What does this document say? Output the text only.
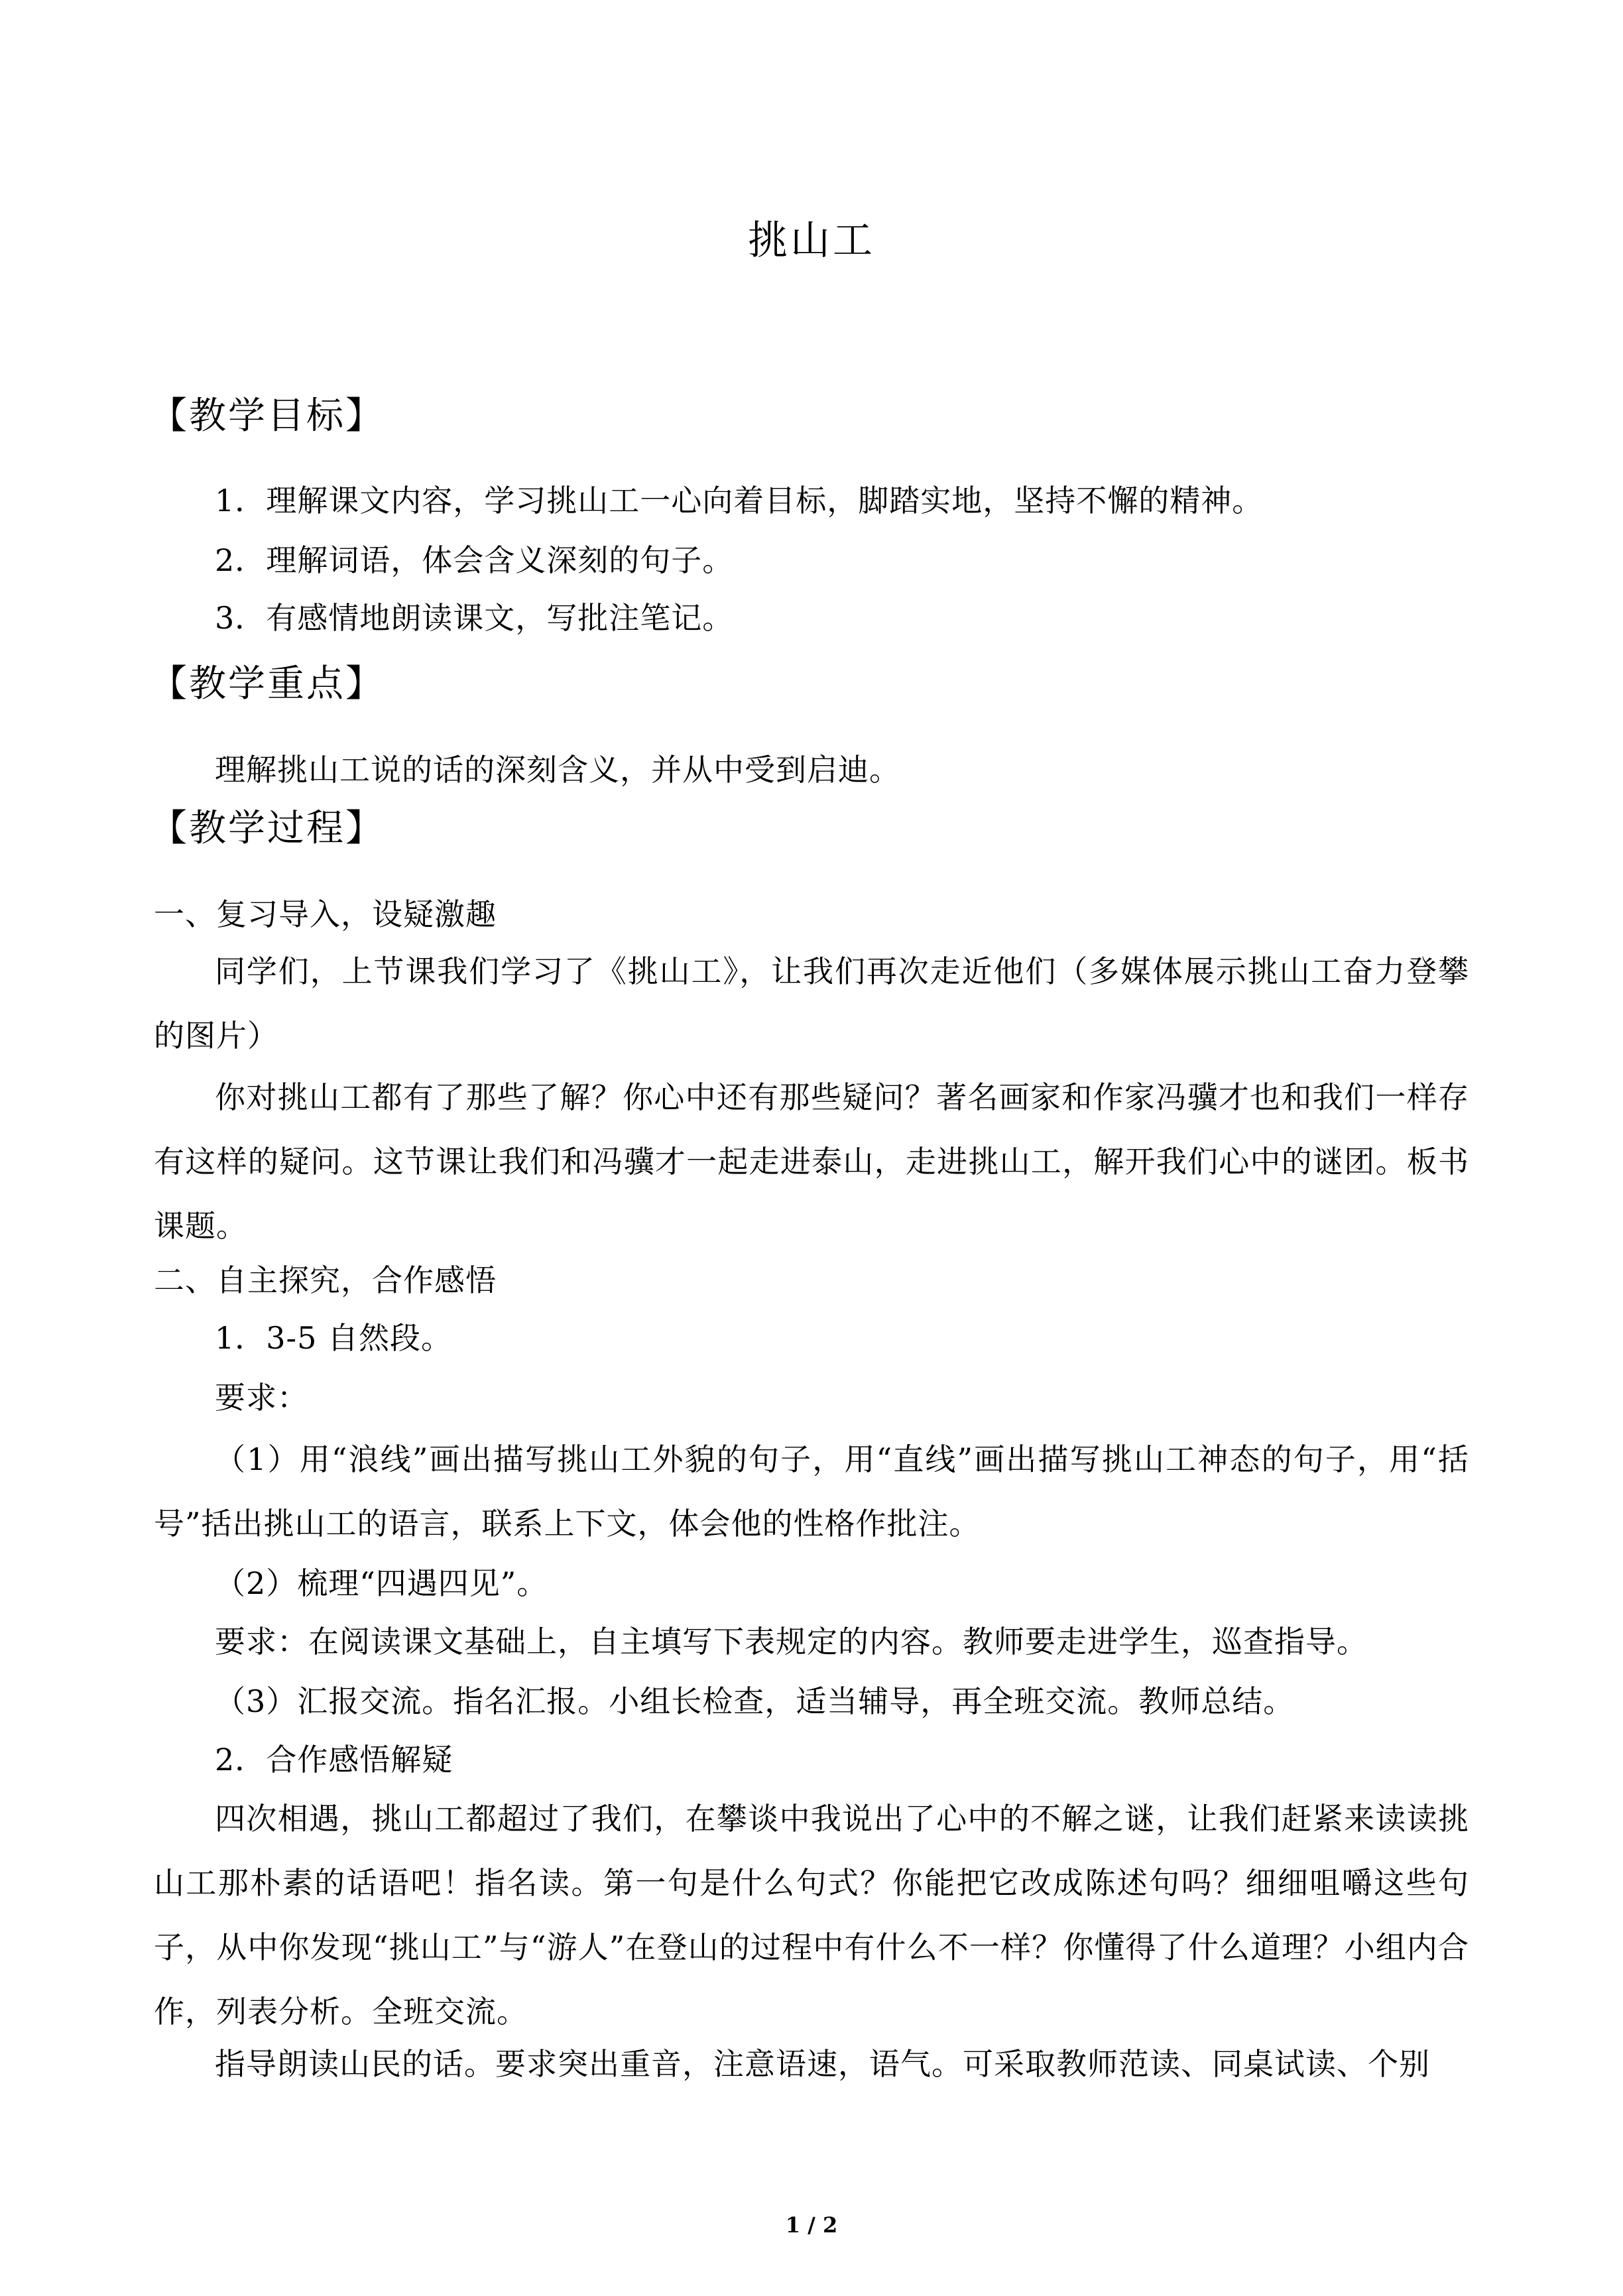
挑山工
【教学目标】
1．理解课文内容，学习挑山工一心向着目标，脚踏实地，坚持不懈的精神。
2．理解词语，体会含义深刻的句子。
3．有感情地朗读课文，写批注笔记。
【教学重点】
理解挑山工说的话的深刻含义，并从中受到启迪。
【教学过程】
一、复习导入，设疑激趣
同学们，上节课我们学习了《挑山工》，让我们再次走近他们（多媒体展示挑山工奋力登攀的图片）
你对挑山工都有了那些了解？你心中还有那些疑问？著名画家和作家冯骥才也和我们一样存有这样的疑问。这节课让我们和冯骥才一起走进泰山，走进挑山工，解开我们心中的谜团。板书课题。
二、自主探究，合作感悟
1．3-5 自然段。
要求：
（1）用“浪线”画出描写挑山工外貌的句子，用“直线”画出描写挑山工神态的句子，用“括号”括出挑山工的语言，联系上下文，体会他的性格作批注。
（2）梳理“四遇四见”。
要求：在阅读课文基础上，自主填写下表规定的内容。教师要走进学生，巡查指导。
（3）汇报交流。指名汇报。小组长检查，适当辅导，再全班交流。教师总结。
2．合作感悟解疑
四次相遇，挑山工都超过了我们，在攀谈中我说出了心中的不解之谜，让我们赶紧来读读挑山工那朴素的话语吧！指名读。第一句是什么句式？你能把它改成陈述句吗？细细咀嚼这些句子，从中你发现“挑山工”与“游人”在登山的过程中有什么不一样？你懂得了什么道理？小组内合作，列表分析。全班交流。
指导朗读山民的话。要求突出重音，注意语速，语气。可采取教师范读、同桌试读、个别
1 / 2
